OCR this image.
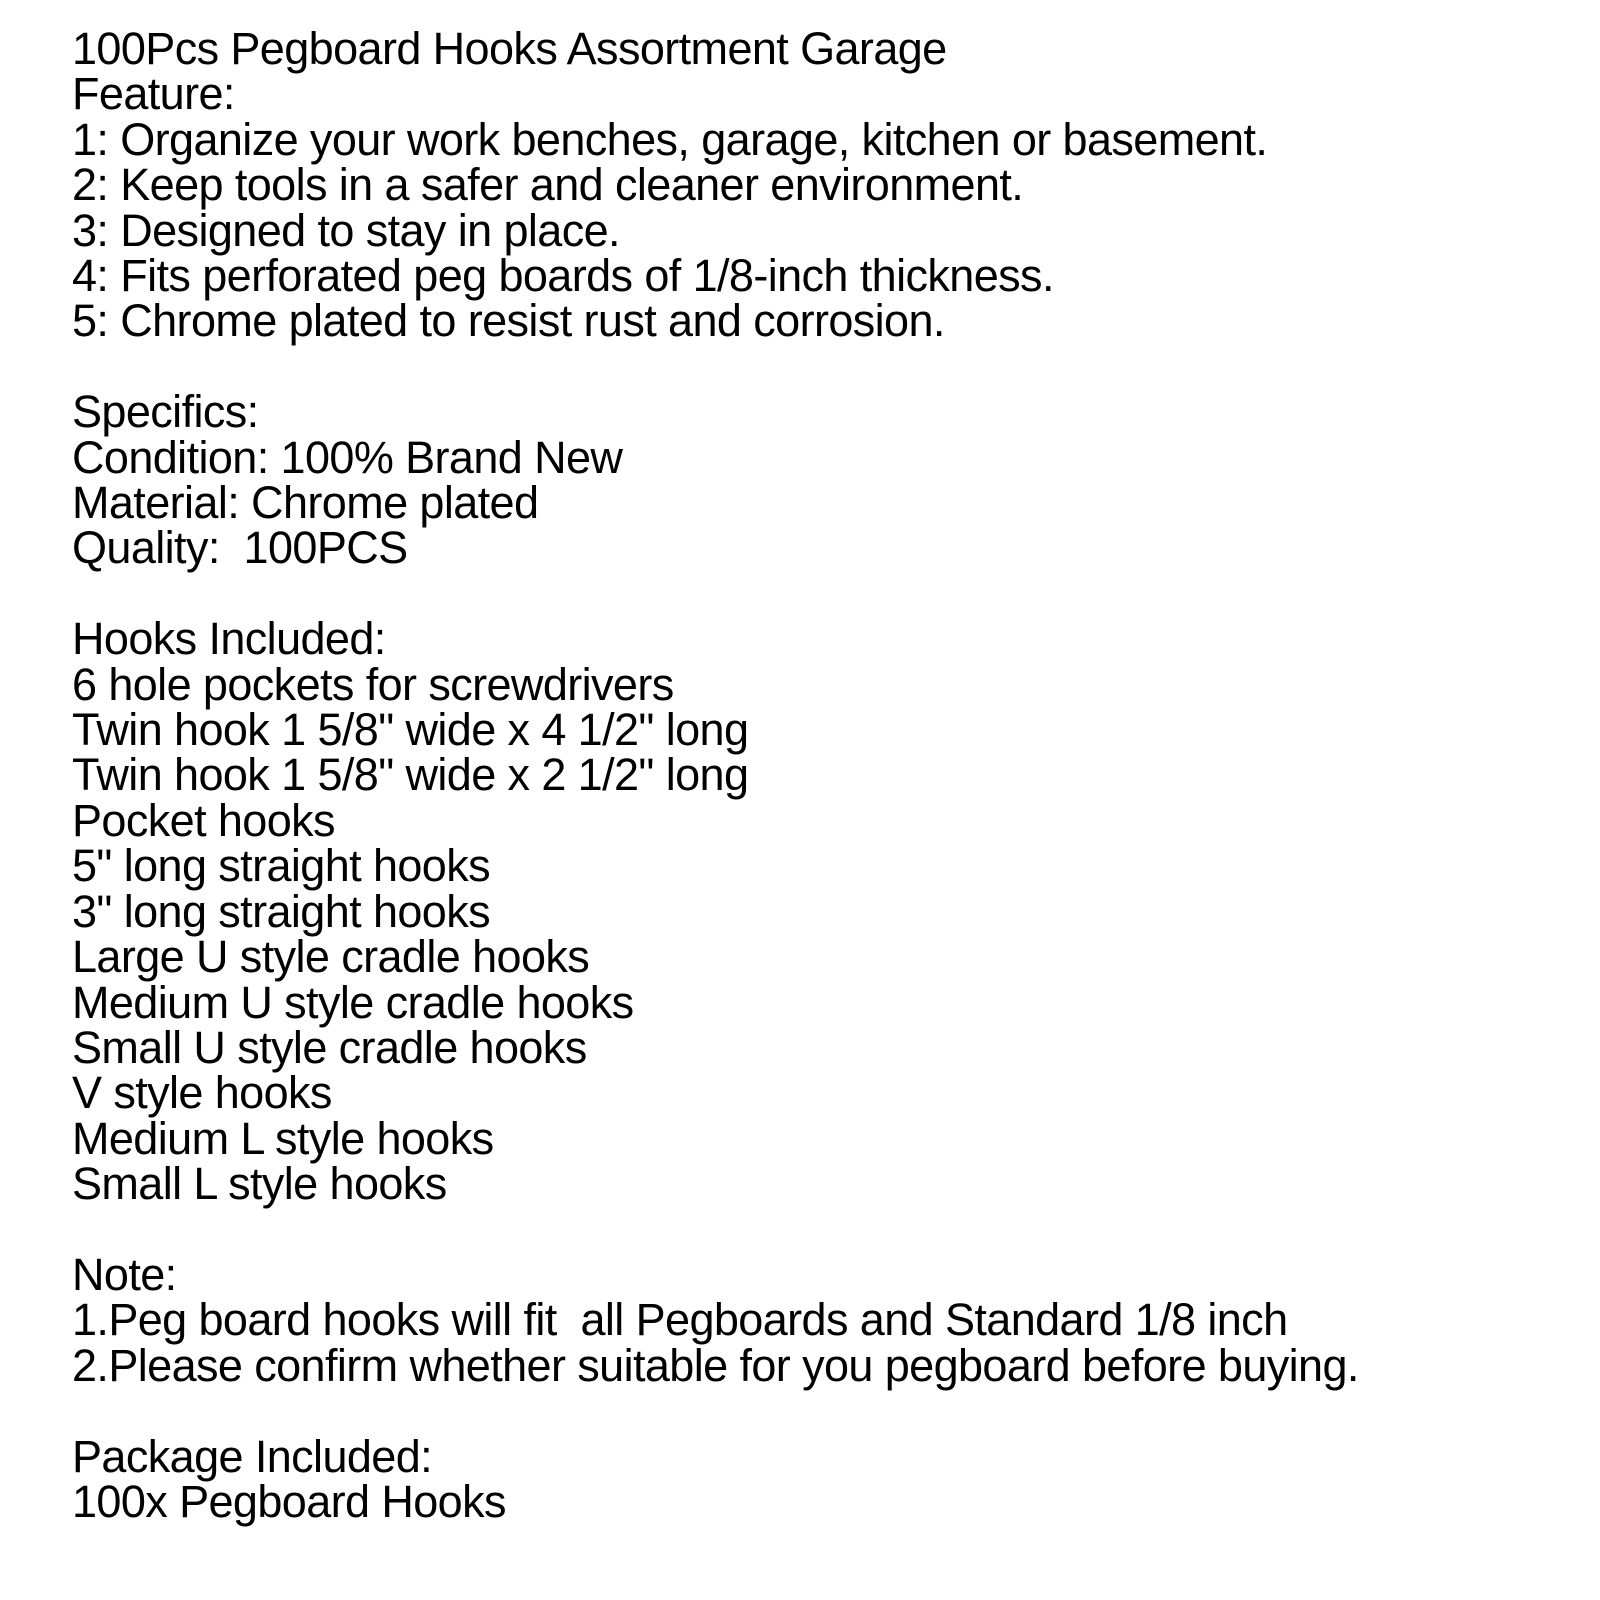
100Pcs Pegboard Hooks Assortment Garage
Feature:
1: Organize your work benches, garage, kitchen or basement.
2: Keep tools in a safer and cleaner environment.
3: Designed to stay in place.
4: Fits perforated peg boards of 1/8-inch thickness.
5: Chrome plated to resist rust and corrosion.
Specifics:
Condition: 100% Brand New
Material: Chrome plated
Quality:  100PCS
Hooks Included:
6 hole pockets for screwdrivers
Twin hook 1 5/8" wide x 4 1/2" long
Twin hook 1 5/8" wide x 2 1/2" long
Pocket hooks
5" long straight hooks
3" long straight hooks
Large U style cradle hooks
Medium U style cradle hooks
Small U style cradle hooks
V style hooks
Medium L style hooks
Small L style hooks
Note:
1.Peg board hooks will fit  all Pegboards and Standard 1/8 inch
2.Please confirm whether suitable for you pegboard before buying.
Package Included:
100x Pegboard Hooks
